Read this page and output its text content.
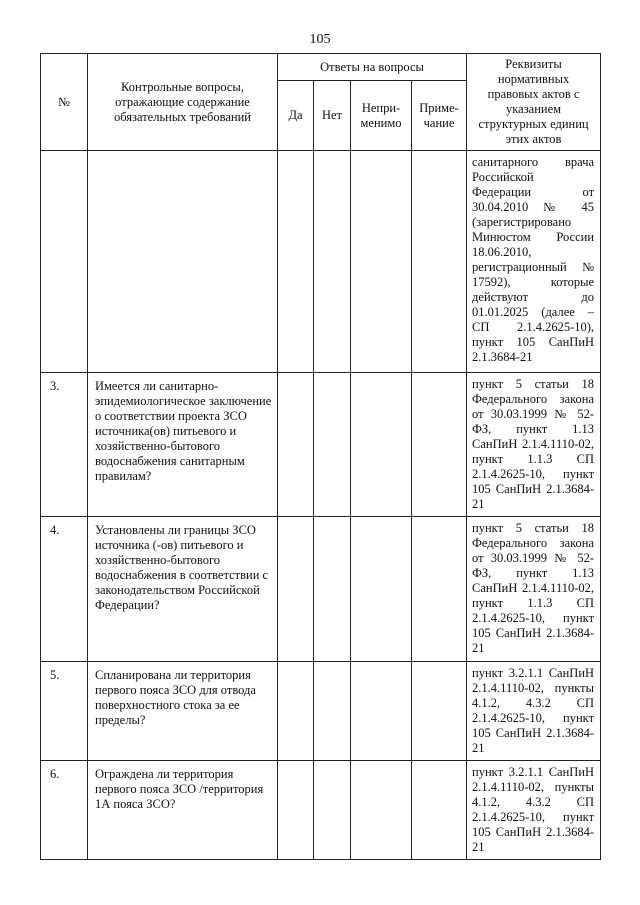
105
№	Контрольные вопросы, отражающие содержание обязательных требований	Ответы на вопросы				Реквизиты нормативных правовых актов с указанием структурных единиц этих актов
		Да	Нет	Непри-менимо	Приме-чание	
						санитарного врача Российской Федерации от 30.04.2010 № 45 (зарегистрировано Минюстом России 18.06.2010, регистрационный № 17592), которые действуют до 01.01.2025 (далее – СП 2.1.4.2625-10), пункт 105 СанПиН 2.1.3684-21
3.	Имеется ли санитарно-эпидемиологическое заключение о соответствии проекта ЗСО источника(ов) питьевого и хозяйственно-бытового водоснабжения санитарным правилам?					пункт 5 статьи 18 Федерального закона от 30.03.1999 № 52-ФЗ, пункт 1.13 СанПиН 2.1.4.1110-02, пункт 1.1.3 СП 2.1.4.2625-10, пункт 105 СанПиН 2.1.3684-21
4.	Установлены ли границы ЗСО источника (-ов) питьевого и хозяйственно-бытового водоснабжения в соответствии с законодательством Российской Федерации?					пункт 5 статьи 18 Федерального закона от 30.03.1999 № 52-ФЗ, пункт 1.13 СанПиН 2.1.4.1110-02, пункт 1.1.3 СП 2.1.4.2625-10, пункт 105 СанПиН 2.1.3684-21
5.	Спланирована ли территория первого пояса ЗСО для отвода поверхностного стока за ее пределы?					пункт 3.2.1.1 СанПиН 2.1.4.1110-02, пункты 4.1.2, 4.3.2 СП 2.1.4.2625-10, пункт 105 СанПиН 2.1.3684-21
6.	Ограждена ли территория первого пояса ЗСО /территория 1А пояса ЗСО?					пункт 3.2.1.1 СанПиН 2.1.4.1110-02, пункты 4.1.2, 4.3.2 СП 2.1.4.2625-10, пункт 105 СанПиН 2.1.3684-21
